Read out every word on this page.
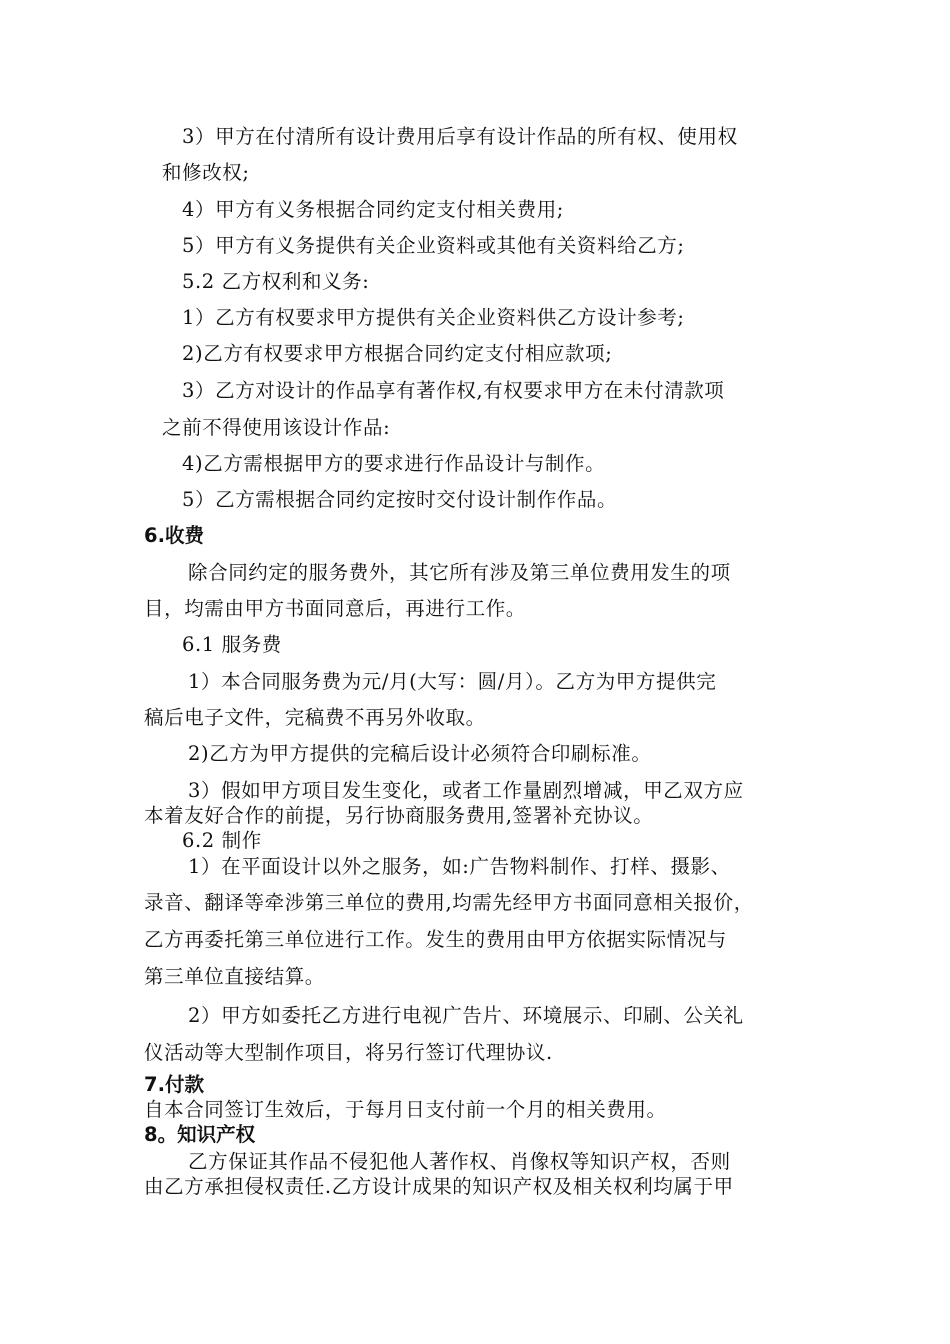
3）甲方在付清所有设计费用后享有设计作品的所有权、使用权
和修改权;
4）甲方有义务根据合同约定支付相关费用;
5）甲方有义务提供有关企业资料或其他有关资料给乙方;
5.2 乙方权利和义务:
1）乙方有权要求甲方提供有关企业资料供乙方设计参考;
2)乙方有权要求甲方根据合同约定支付相应款项;
3）乙方对设计的作品享有著作权,有权要求甲方在未付清款项
之前不得使用该设计作品:
4)乙方需根据甲方的要求进行作品设计与制作。
5）乙方需根据合同约定按时交付设计制作作品。
6.收费
除合同约定的服务费外，其它所有涉及第三单位费用发生的项
目，均需由甲方书面同意后，再进行工作。
6.1 服务费
1）本合同服务费为元/月(大写：圆/月）。乙方为甲方提供完
稿后电子文件，完稿费不再另外收取。
2)乙方为甲方提供的完稿后设计必须符合印刷标准。
3）假如甲方项目发生变化，或者工作量剧烈增减，甲乙双方应
本着友好合作的前提，另行协商服务费用,签署补充协议。
6.2 制作
1）在平面设计以外之服务，如:广告物料制作、打样、摄影、
录音、翻译等牵涉第三单位的费用,均需先经甲方书面同意相关报价，
乙方再委托第三单位进行工作。发生的费用由甲方依据实际情况与
第三单位直接结算。
2）甲方如委托乙方进行电视广告片、环境展示、印刷、公关礼
仪活动等大型制作项目，将另行签订代理协议.
7.付款
自本合同签订生效后，于每月日支付前一个月的相关费用。
8。知识产权
乙方保证其作品不侵犯他人著作权、肖像权等知识产权，否则
由乙方承担侵权责任.乙方设计成果的知识产权及相关权利均属于甲
